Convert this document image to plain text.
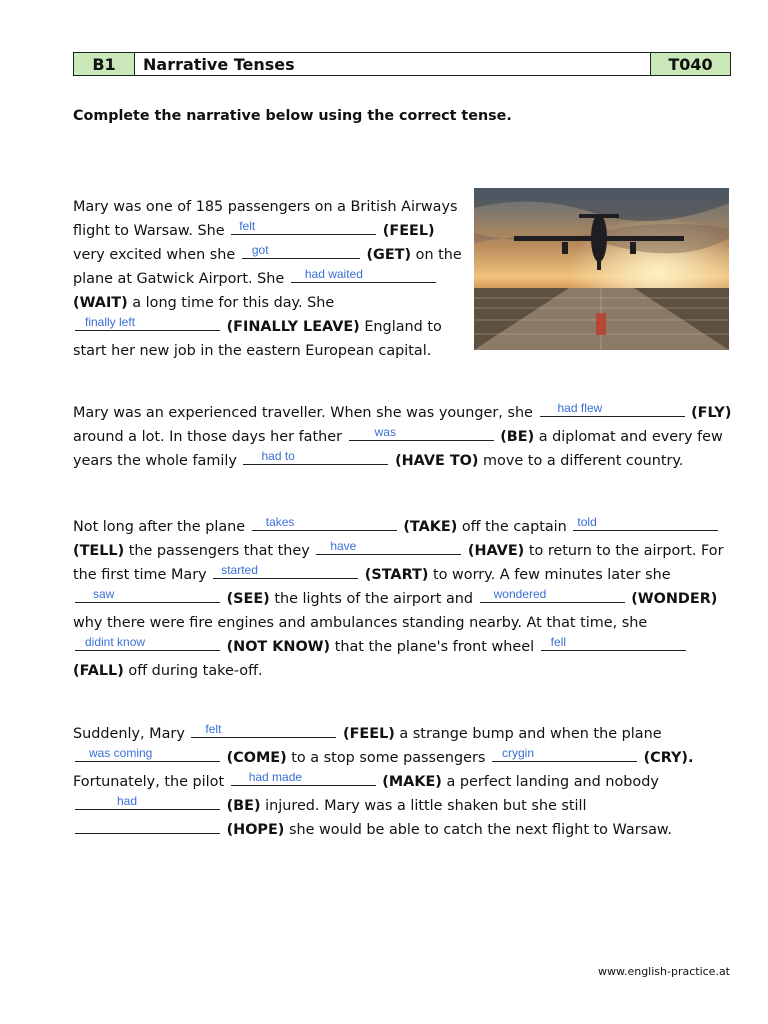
B1	Narrative Tenses	T040
Complete the narrative below using the correct tense.
Mary was one of 185 passengers on a British Airways flight to Warsaw. She felt	(FEEL) very excited when she got	(GET) on the plane at Gatwick Airport. She had waited
(WAIT) a long time for this day. She
finally left	(FINALLY LEAVE) England to start her new job in the eastern European capital.
Mary was an experienced traveller. When she was younger, she had flew	(FLY) around a lot. In those days her father	was	(BE) a diplomat and every few years the whole family had to	(HAVE TO) move to a different country.
Not long after the plane takes	(TAKE) off the captain told
(TELL) the passengers that they have	(HAVE) to return to the airport. For the first time Mary started	(START) to worry. A few minutes later she
saw	(SEE) the lights of the airport and wondered	(WONDER) why there were fire engines and ambulances standing nearby. At that time, she
didint know	(NOT KNOW) that the plane's front wheel fell
(FALL) off during take-off.
Suddenly, Mary felt	(FEEL) a strange bump and when the plane
was coming	(COME) to a stop some passengers crygin	(CRY). Fortunately, the pilot had made	(MAKE) a perfect landing and nobody
had	(BE) injured. Mary was a little shaken but she still
(HOPE) she would be able to catch the next flight to Warsaw.
www.english-practice.at
